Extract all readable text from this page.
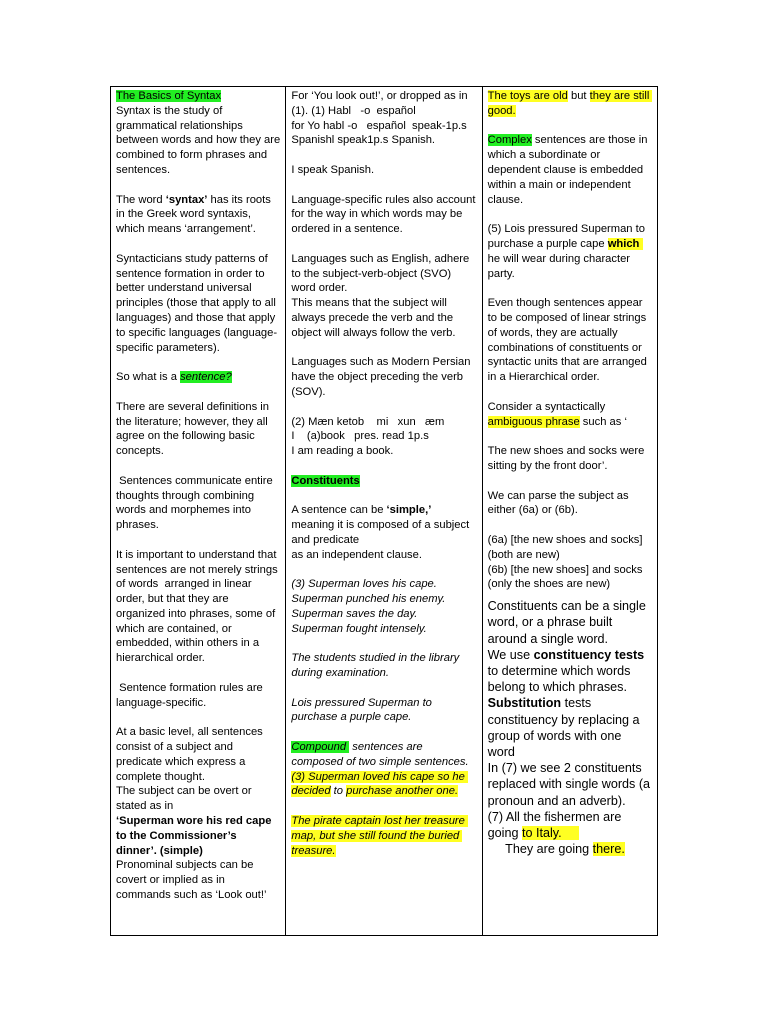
The Basics of Syntax

Syntax is the study of grammatical relationships between words and how they are combined to form phrases and sentences.

The word ‘syntax’ has its roots in the Greek word syntaxis, which means ‘arrangement’.

Syntacticians study patterns of sentence formation in order to better understand universal principles (those that apply to all languages) and those that apply to specific languages (language-specific parameters).

So what is a sentence?

There are several definitions in the literature; however, they all agree on the following basic concepts.

Sentences communicate entire thoughts through combining words and morphemes into phrases.

It is important to understand that sentences are not merely strings of words  arranged in linear order, but that they are organized into phrases, some of which are contained, or embedded, within others in a hierarchical order.

Sentence formation rules are language-specific.

At a basic level, all sentences consist of a subject and predicate which express a complete thought.

The subject can be overt or stated as in

‘Superman wore his red cape to the Commissioner’s dinner’. (simple)

Pronominal subjects can be covert or implied as in commands such as ‘Look out!’

For ‘You look out!’, or dropped as in (1). (1) Habl   -o  español

for Yo habl -o   español  speak-1p.s Spanishl speak1p.s Spanish.

I speak Spanish.

Language-specific rules also account for the way in which words may be ordered in a sentence.

Languages such as English, adhere to the subject-verb-object (SVO) word order.

This means that the subject will always precede the verb and the object will always follow the verb.

Languages such as Modern Persian have the object preceding the verb (SOV).

(2) Mæn ketob    mi   xun   æm

I    (a)book   pres. read 1p.s

I am reading a book.

Constituents

A sentence can be ‘simple,’ meaning it is composed of a subject and predicate

as an independent clause.

(3) Superman loves his cape.

Superman punched his enemy.

Superman saves the day.

Superman fought intensely.

The students studied in the library during examination.

Lois pressured Superman to purchase a purple cape.

Compound  sentences are composed of two simple sentences.

(3) Superman loved his cape so he decided to purchase another one.

The pirate captain lost her treasure map, but she still found the buried treasure.

The toys are old but they are still good.

Complex sentences are those in which a subordinate or dependent clause is embedded within a main or independent clause.

(5) Lois pressured Superman to purchase a purple cape which he will wear during character party.

Even though sentences appear to be composed of linear strings of words, they are actually combinations of constituents or syntactic units that are arranged in a Hierarchical order.

Consider a syntactically ambiguous phrase such as ‘

The new shoes and socks were sitting by the front door’.

We can parse the subject as either (6a) or (6b).

(6a) [the new shoes and socks] (both are new)

(6b) [the new shoes] and socks (only the shoes are new)

Constituents can be a single word, or a phrase built around a single word.

We use constituency tests to determine which words belong to which phrases.

Substitution tests constituency by replacing a group of words with one word

In (7) we see 2 constituents replaced with single words (a pronoun and an adverb).

(7) All the fishermen are going to Italy.

They are going there.
